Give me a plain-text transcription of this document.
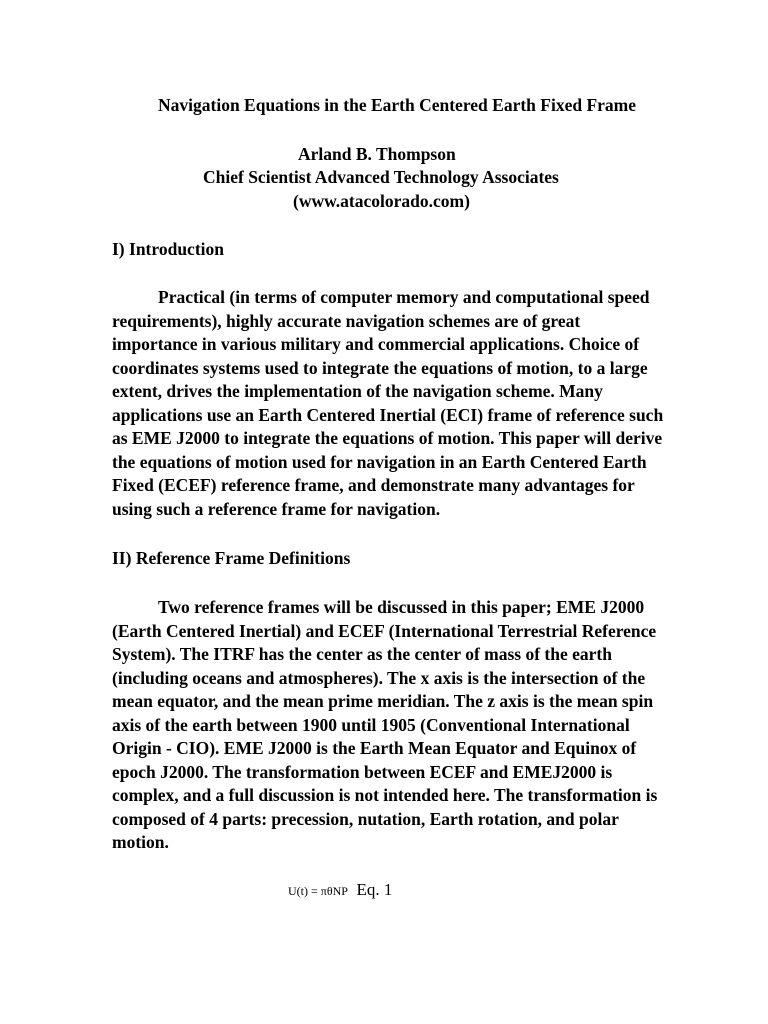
Navigation Equations in the Earth Centered Earth Fixed Frame
Arland B. Thompson
Chief Scientist Advanced Technology Associates
(www.atacolorado.com)
I) Introduction
Practical (in terms of computer memory and computational speed
requirements), highly accurate navigation schemes are of great
importance in various military and commercial applications. Choice of
coordinates systems used to integrate the equations of motion, to a large
extent, drives the implementation of the navigation scheme. Many
applications use an Earth Centered Inertial (ECI) frame of reference such
as EME J2000 to integrate the equations of motion. This paper will derive
the equations of motion used for navigation in an Earth Centered Earth
Fixed (ECEF) reference frame, and demonstrate many advantages for
using such a reference frame for navigation.
II) Reference Frame Definitions
Two reference frames will be discussed in this paper; EME J2000
(Earth Centered Inertial) and ECEF (International Terrestrial Reference
System). The ITRF has the center as the center of mass of the earth
(including oceans and atmospheres). The x axis is the intersection of the
mean equator, and the mean prime meridian. The z axis is the mean spin
axis of the earth between 1900 until 1905 (Conventional International
Origin - CIO). EME J2000 is the Earth Mean Equator and Equinox of
epoch J2000. The transformation between ECEF and EMEJ2000 is
complex, and a full discussion is not intended here. The transformation is
composed of 4 parts: precession, nutation, Earth rotation, and polar
motion.
U(t) = πθNP Eq. 1
